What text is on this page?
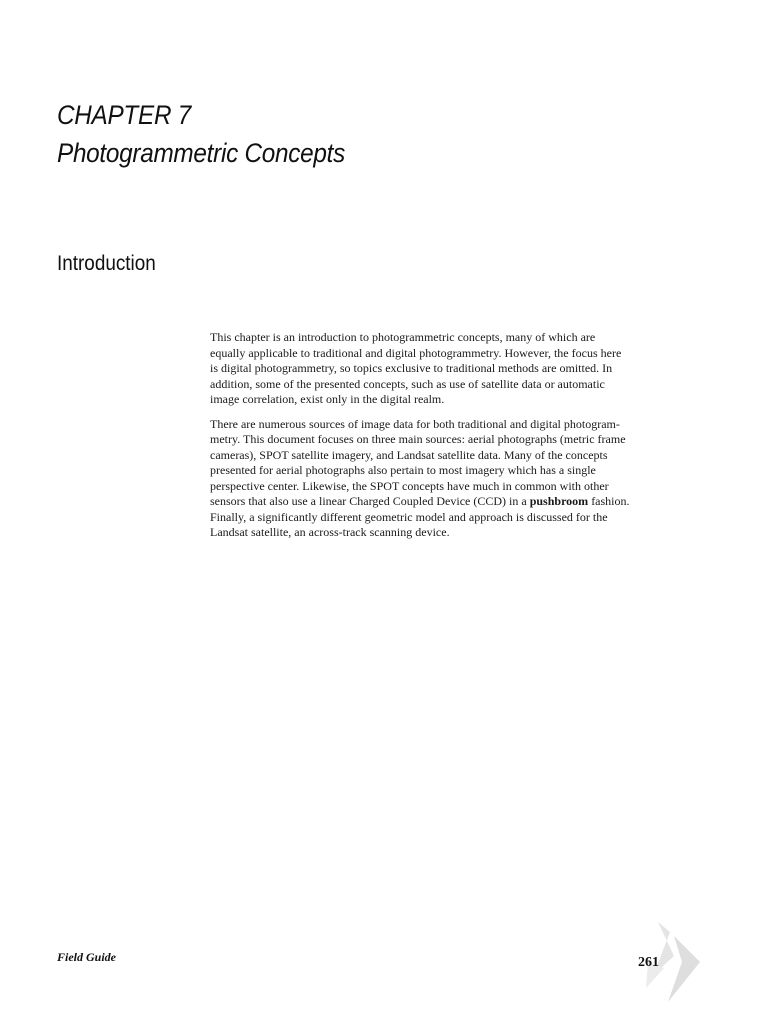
CHAPTER 7
Photogrammetric Concepts
Introduction

This chapter is an introduction to photogrammetric concepts, many of which are
equally applicable to traditional and digital photogrammetry. However, the focus here
is digital photogrammetry, so topics exclusive to traditional methods are omitted. In
addition, some of the presented concepts, such as use of satellite data or automatic
image correlation, exist only in the digital realm.

There are numerous sources of image data for both traditional and digital photogram-
metry. This document focuses on three main sources: aerial photographs (metric frame
cameras), SPOT satellite imagery, and Landsat satellite data. Many of the concepts
presented for aerial photographs also pertain to most imagery which has a single
perspective center. Likewise, the SPOT concepts have much in common with other
sensors that also use a linear Charged Coupled Device (CCD) in a pushbroom fashion.
Finally, a significantly different geometric model and approach is discussed for the
Landsat satellite, an across-track scanning device.

Field Guide	261
